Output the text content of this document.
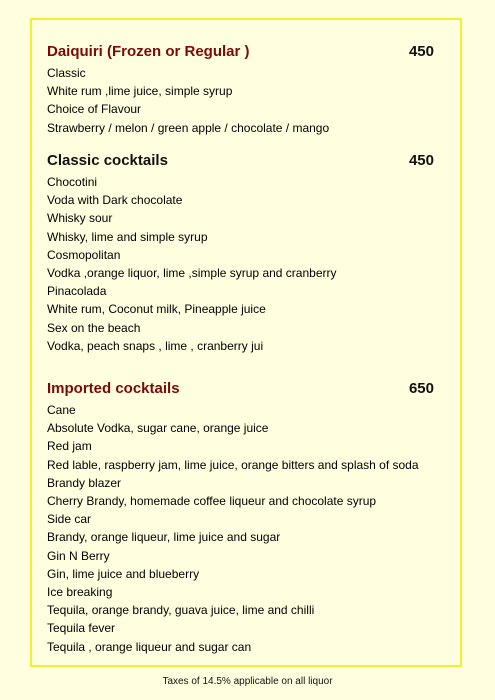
Daiquiri (Frozen or Regular )	450
Classic
White rum ,lime juice, simple syrup
Choice of Flavour
Strawberry / melon / green apple / chocolate / mango
Classic cocktails	450
Chocotini
Voda with Dark chocolate
Whisky sour
Whisky, lime and simple syrup
Cosmopolitan
Vodka ,orange liquor, lime ,simple syrup and cranberry
Pinacolada
White rum, Coconut milk, Pineapple juice
Sex on the beach
Vodka, peach snaps , lime , cranberry jui
Imported cocktails	650
Cane
Absolute Vodka, sugar cane, orange juice
Red jam
Red lable, raspberry jam, lime juice, orange bitters and splash of soda
Brandy blazer
Cherry Brandy, homemade coffee liqueur and chocolate syrup
Side car
Brandy, orange liqueur, lime juice and sugar
Gin N Berry
Gin, lime juice and blueberry
Ice breaking
Tequila, orange brandy, guava juice, lime and chilli
Tequila fever
Tequila , orange liqueur and sugar can
Taxes of 14.5% applicable on all liquor
